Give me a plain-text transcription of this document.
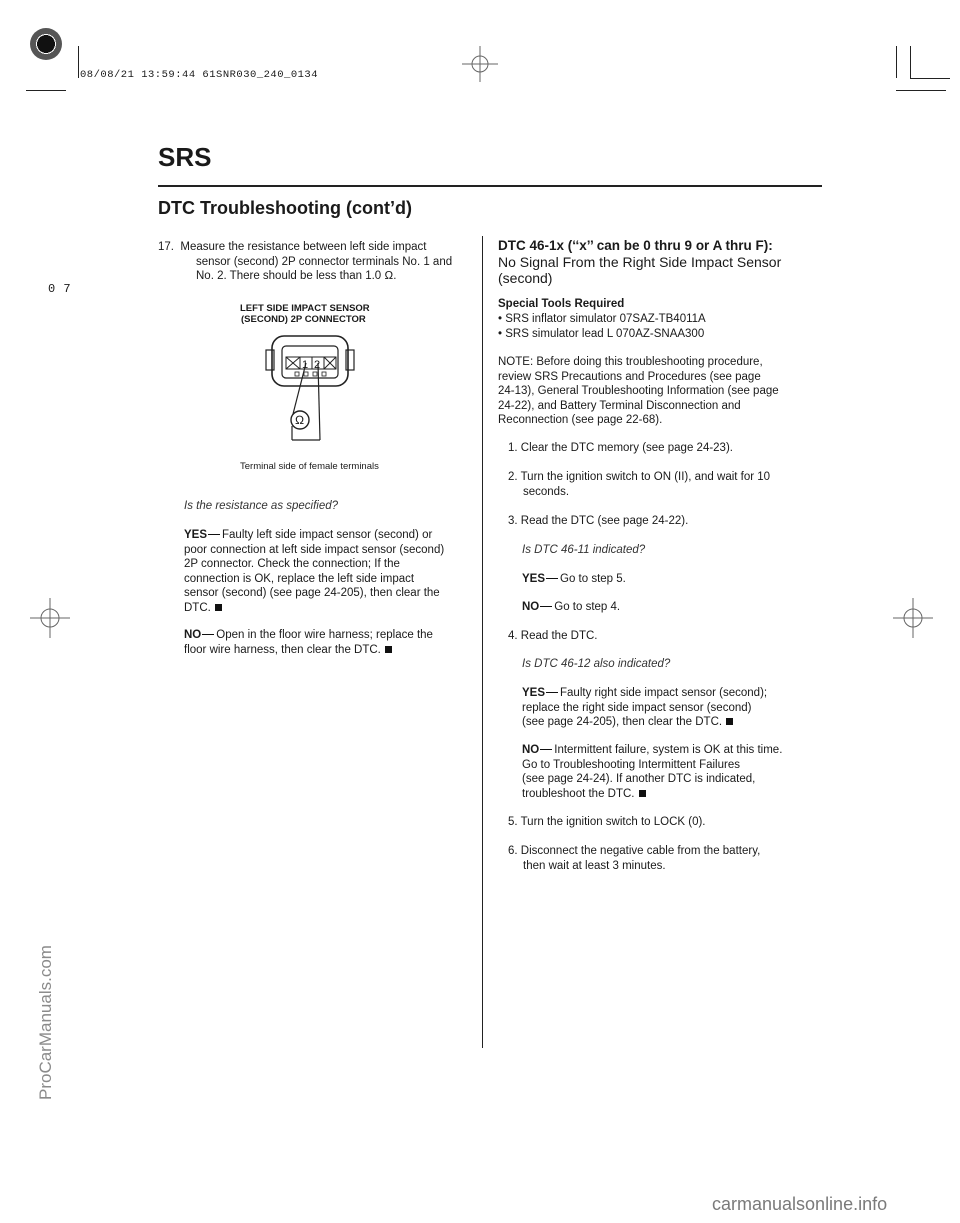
08/08/21 13:59:44 61SNR030_240_0134
SRS
DTC Troubleshooting (cont’d)
0 7
17. Measure the resistance between left side impact
sensor (second) 2P connector terminals No. 1 and
No. 2. There should be less than 1.0 Ω.
LEFT SIDE IMPACT SENSOR
(SECOND) 2P CONNECTOR
1 2
Ω
Terminal side of female terminals
Is the resistance as specified?
YES Faulty left side impact sensor (second) or
poor connection at left side impact sensor (second)
2P connector. Check the connection; If the
connection is OK, replace the left side impact
sensor (second) (see page 24-205), then clear the
DTC.
NO Open in the floor wire harness; replace the
floor wire harness, then clear the DTC.
DTC 46-1x (‘‘x’’ can be 0 thru 9 or A thru F):
No Signal From the Right Side Impact Sensor
(second)
Special Tools Required
• SRS inflator simulator 07SAZ-TB4011A
• SRS simulator lead L 070AZ-SNAA300
NOTE: Before doing this troubleshooting procedure,
review SRS Precautions and Procedures (see page
24-13), General Troubleshooting Information (see page
24-22), and Battery Terminal Disconnection and
Reconnection (see page 22-68).
1. Clear the DTC memory (see page 24-23).
2. Turn the ignition switch to ON (II), and wait for 10
seconds.
3. Read the DTC (see page 24-22).
Is DTC 46-11 indicated?
YES Go to step 5.
NO Go to step 4.
4. Read the DTC.
Is DTC 46-12 also indicated?
YES Faulty right side impact sensor (second);
replace the right side impact sensor (second)
(see page 24-205), then clear the DTC.
NO Intermittent failure, system is OK at this time.
Go to Troubleshooting Intermittent Failures
(see page 24-24). If another DTC is indicated,
troubleshoot the DTC.
5. Turn the ignition switch to LOCK (0).
6. Disconnect the negative cable from the battery,
then wait at least 3 minutes.
ProCarManuals.com
carmanualsonline.info
